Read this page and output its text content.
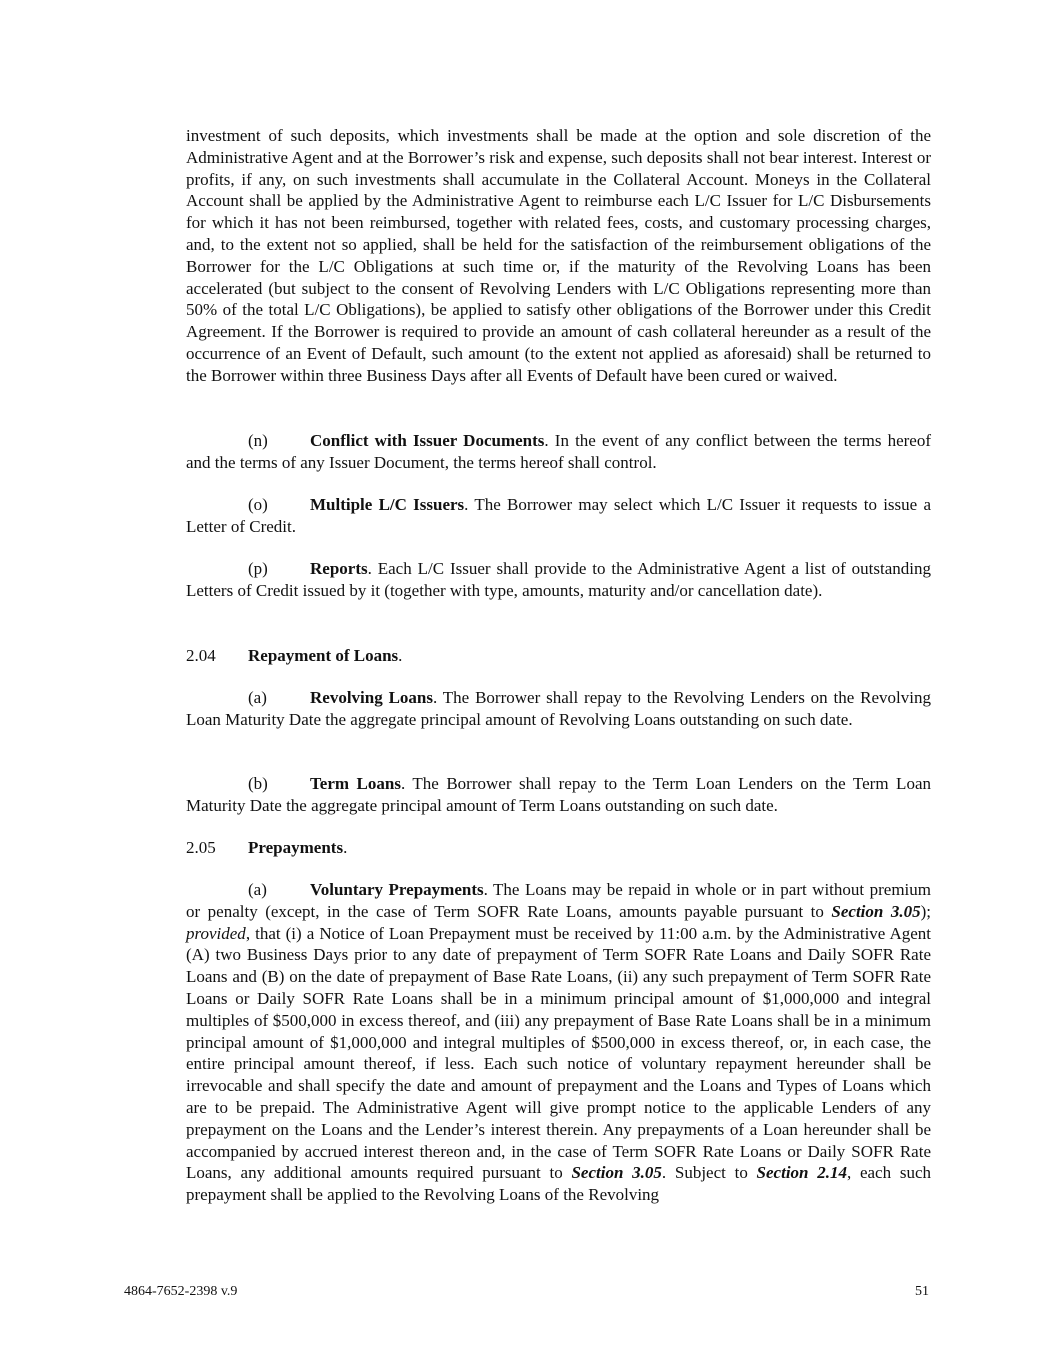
investment of such deposits, which investments shall be made at the option and sole discretion of the Administrative Agent and at the Borrower’s risk and expense, such deposits shall not bear interest. Interest or profits, if any, on such investments shall accumulate in the Collateral Account. Moneys in the Collateral Account shall be applied by the Administrative Agent to reimburse each L/C Issuer for L/C Disbursements for which it has not been reimbursed, together with related fees, costs, and customary processing charges, and, to the extent not so applied, shall be held for the satisfaction of the reimbursement obligations of the Borrower for the L/C Obligations at such time or, if the maturity of the Revolving Loans has been accelerated (but subject to the consent of Revolving Lenders with L/C Obligations representing more than 50% of the total L/C Obligations), be applied to satisfy other obligations of the Borrower under this Credit Agreement. If the Borrower is required to provide an amount of cash collateral hereunder as a result of the occurrence of an Event of Default, such amount (to the extent not applied as aforesaid) shall be returned to the Borrower within three Business Days after all Events of Default have been cured or waived.

(n) Conflict with Issuer Documents. In the event of any conflict between the terms hereof and the terms of any Issuer Document, the terms hereof shall control.

(o) Multiple L/C Issuers. The Borrower may select which L/C Issuer it requests to issue a Letter of Credit.

(p) Reports. Each L/C Issuer shall provide to the Administrative Agent a list of outstanding Letters of Credit issued by it (together with type, amounts, maturity and/or cancellation date).

2.04 Repayment of Loans.

(a)	Revolving Loans. The Borrower shall repay to the Revolving Lenders on the Revolving Loan Maturity Date the aggregate principal amount of Revolving Loans outstanding on such date.

(b) Term Loans. The Borrower shall repay to the Term Loan Lenders on the Term Loan Maturity Date the aggregate principal amount of Term Loans outstanding on such date.

2.05 Prepayments.

(a)	Voluntary Prepayments. The Loans may be repaid in whole or in part without premium or penalty (except, in the case of Term SOFR Rate Loans, amounts payable pursuant to Section 3.05); provided, that (i) a Notice of Loan Prepayment must be received by 11:00 a.m. by the Administrative Agent (A) two Business Days prior to any date of prepayment of Term SOFR Rate Loans and Daily SOFR Rate Loans and (B) on the date of prepayment of Base Rate Loans, (ii) any such prepayment of Term SOFR Rate Loans or Daily SOFR Rate Loans shall be in a minimum principal amount of $1,000,000 and integral multiples of $500,000 in excess thereof, and (iii) any prepayment of Base Rate Loans shall be in a minimum principal amount of $1,000,000 and integral multiples of $500,000 in excess thereof, or, in each case, the entire principal amount thereof, if less. Each such notice of voluntary repayment hereunder shall be irrevocable and shall specify the date and amount of prepayment and the Loans and Types of Loans which are to be prepaid. The Administrative Agent will give prompt notice to the applicable Lenders of any prepayment on the Loans and the Lender’s interest therein. Any prepayments of a Loan hereunder shall be accompanied by accrued interest thereon and, in the case of Term SOFR Rate Loans or Daily SOFR Rate Loans, any additional amounts required pursuant to Section 3.05. Subject to Section 2.14, each such prepayment shall be applied to the Revolving Loans of the Revolving

4864-7652-2398 v.9	51
